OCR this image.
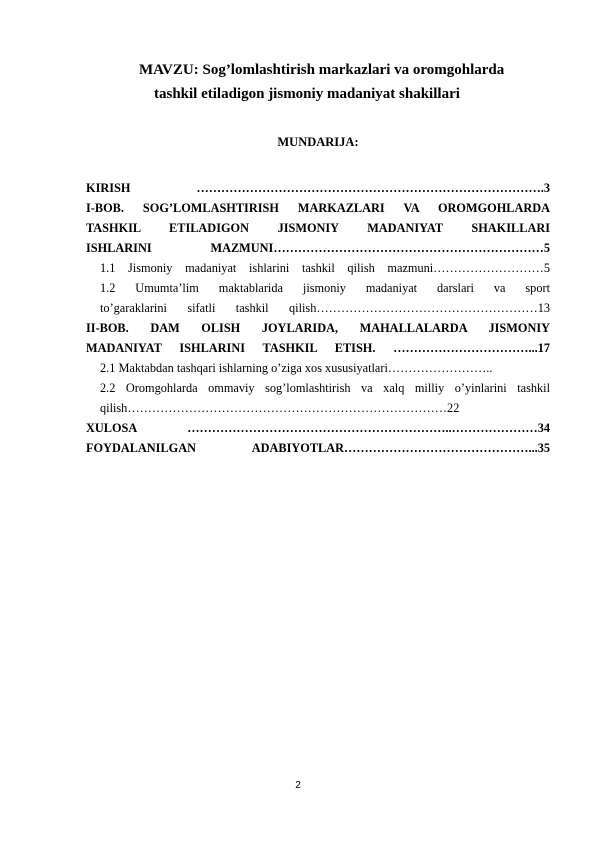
MAVZU: Sog’lomlashtirish markazlari va oromgohlarda
tashkil etiladigon jismoniy madaniyat shakillari
MUNDARIJA:
KIRISH ………………………………………………………………………….3
I-BOB. SOG’LOMLASHTIRISH MARKAZLARI VA OROMGOHLARDA
TASHKIL ETILADIGON JISMONIY MADANIYAT SHAKILLARI
ISHLARINI MAZMUNI…………………………………………………………5
1.1 Jismoniy madaniyat ishlarini tashkil qilish mazmuni………………………5
1.2 Umumta’lim maktablarida jismoniy madaniyat darslari va sport
to’garaklarini sifatli tashkil qilish………………………………………………13
II-BOB. DAM OLISH JOYLARIDA, MAHALLALARDA JISMONIY
MADANIYAT ISHLARINI TASHKIL ETISH. ……………………………...17
2.1 Maktabdan tashqari ishlarning o’ziga xos xususiyatlari……………………..
2.2 Oromgohlarda ommaviy sog’lomlashtirish va xalq milliy o’yinlarini tashkil
qilish……………………………………………………………………22
XULOSA ………………………………………………………..…………………34
FOYDALANILGAN ADABIYOTLAR………………………………………...35
2
